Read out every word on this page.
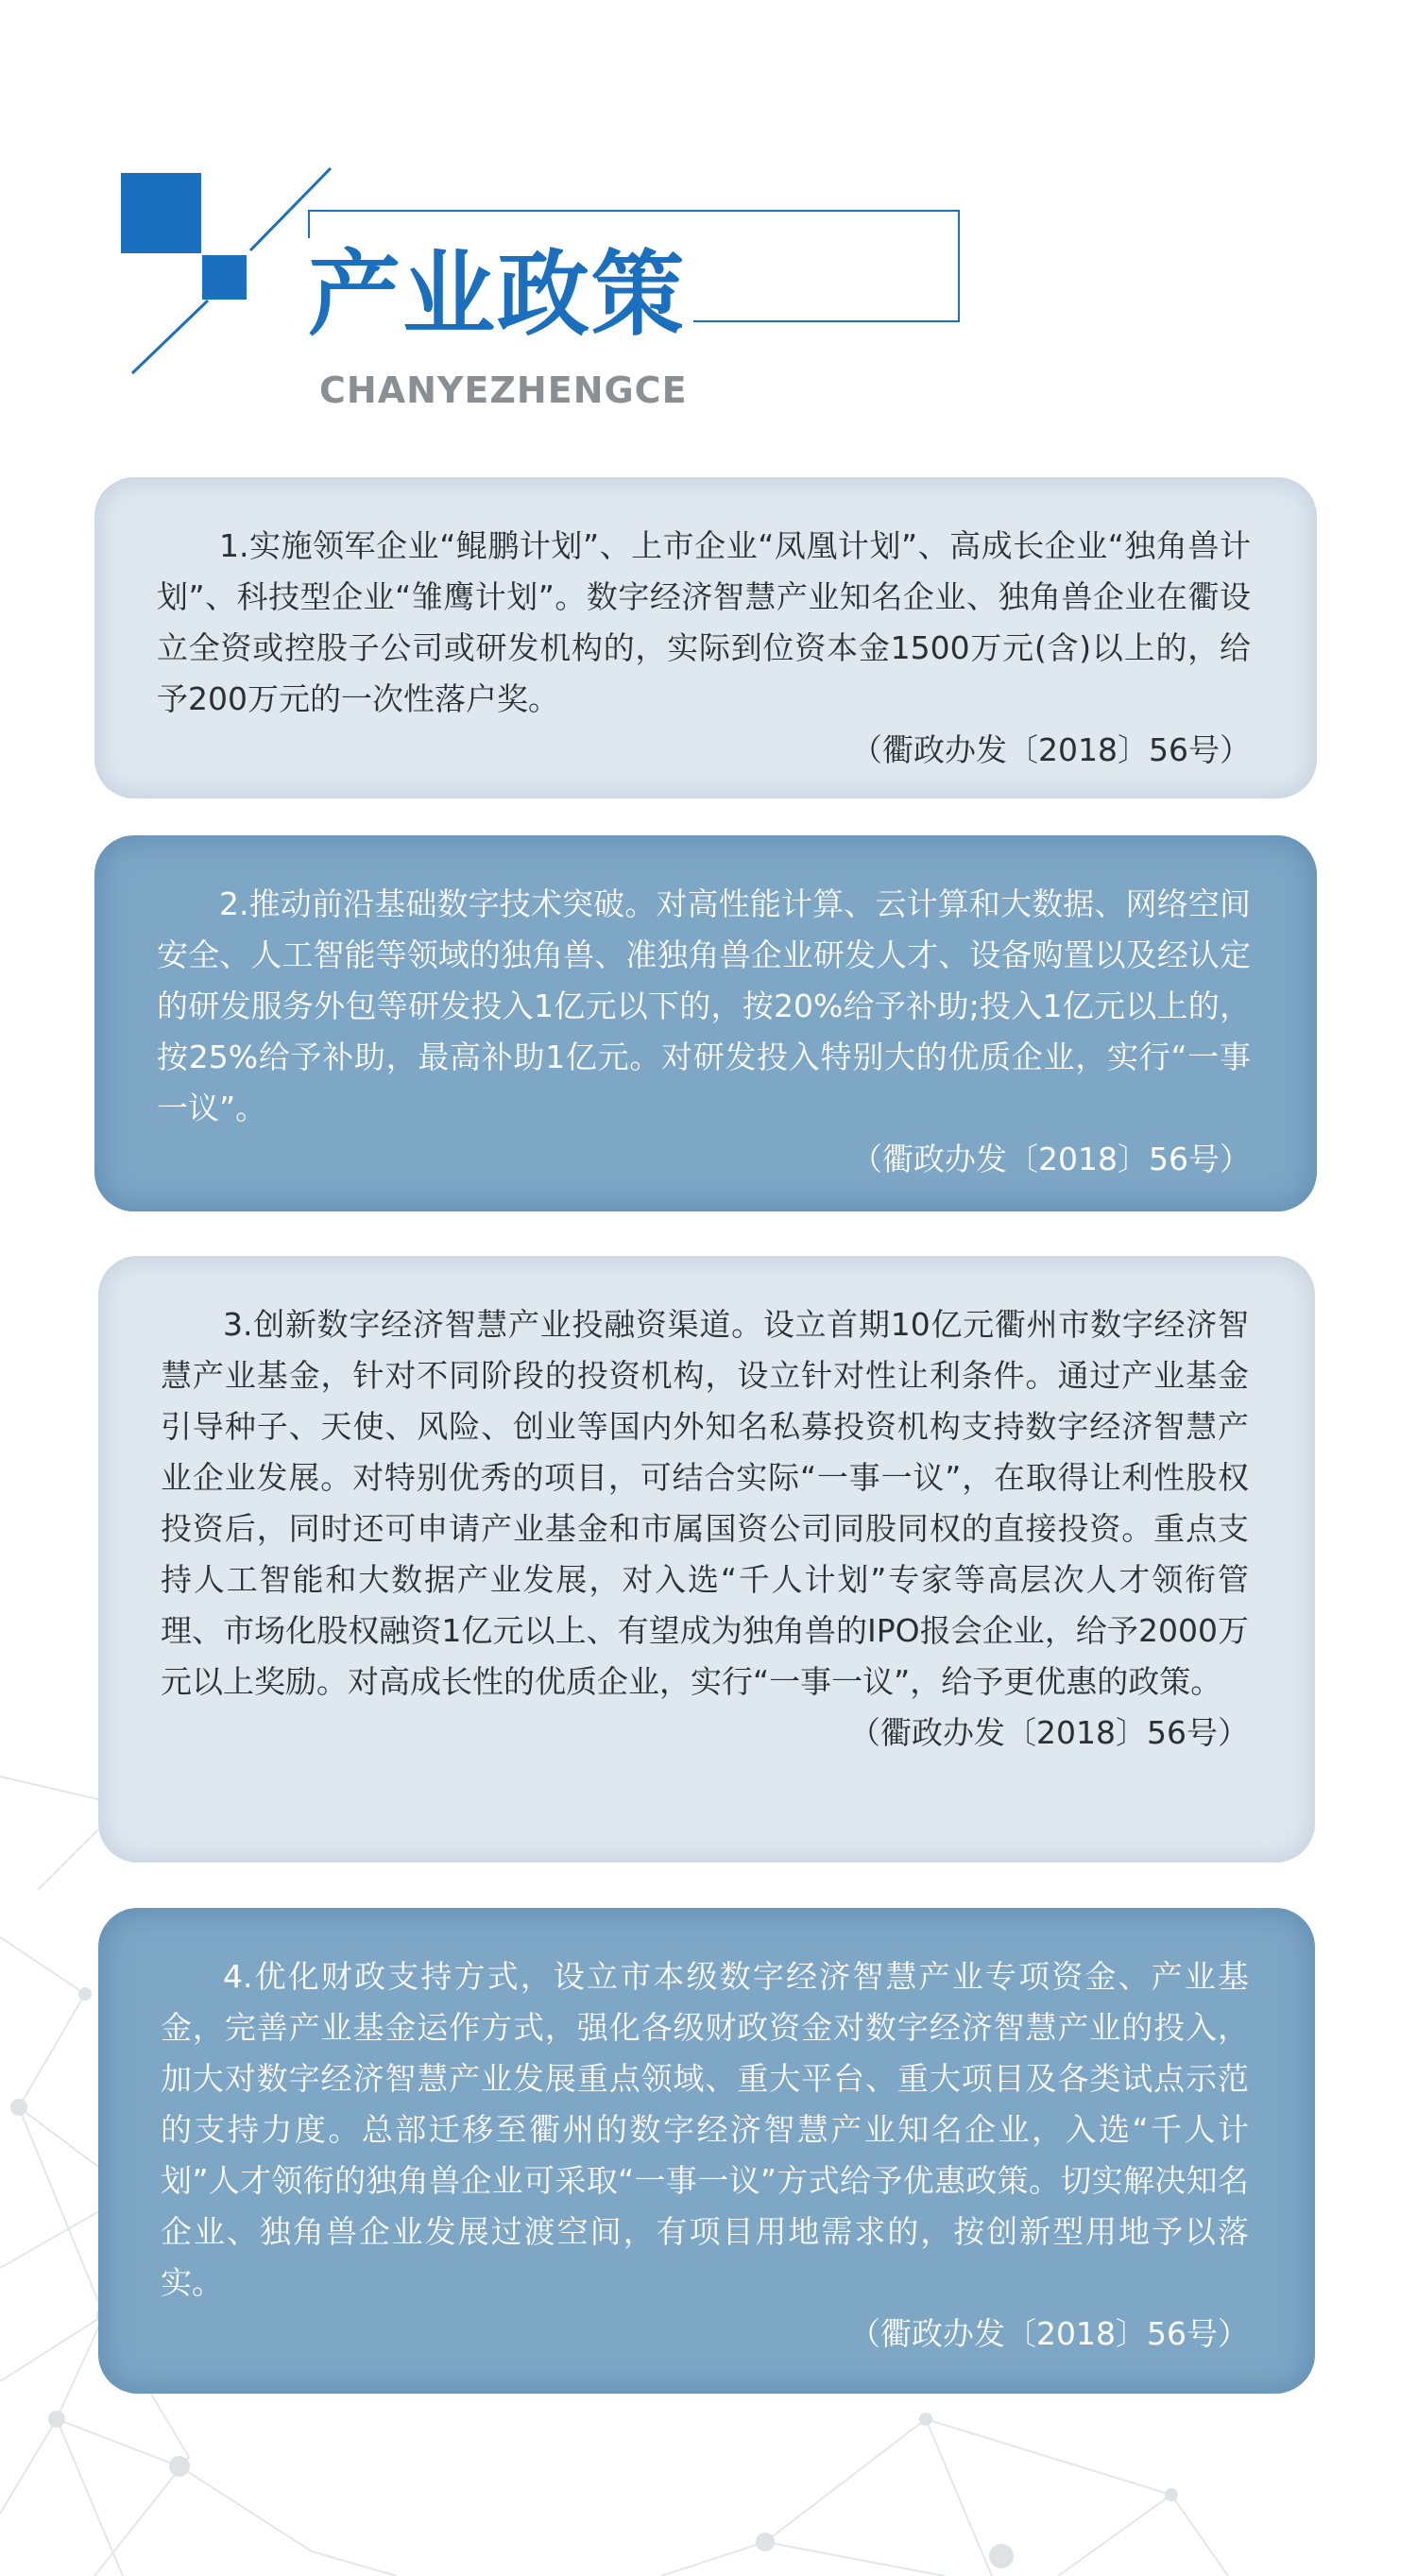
产业政策
CHANYEZHENGCE
1.实施领军企业“鲲鹏计划”、上市企业“凤凰计划”、高成长企业“独角兽计划”、科技型企业“雏鹰计划”。数字经济智慧产业知名企业、独角兽企业在衢设立全资或控股子公司或研发机构的，实际到位资本金1500万元(含)以上的，给予200万元的一次性落户奖。
（衢政办发〔2018〕56号）
2.推动前沿基础数字技术突破。对高性能计算、云计算和大数据、网络空间安全、人工智能等领域的独角兽、准独角兽企业研发人才、设备购置以及经认定的研发服务外包等研发投入1亿元以下的，按20%给予补助;投入1亿元以上的，按25%给予补助，最高补助1亿元。对研发投入特别大的优质企业，实行“一事一议”。
（衢政办发〔2018〕56号）
3.创新数字经济智慧产业投融资渠道。设立首期10亿元衢州市数字经济智慧产业基金，针对不同阶段的投资机构，设立针对性让利条件。通过产业基金引导种子、天使、风险、创业等国内外知名私募投资机构支持数字经济智慧产业企业发展。对特别优秀的项目，可结合实际“一事一议”，在取得让利性股权投资后，同时还可申请产业基金和市属国资公司同股同权的直接投资。重点支持人工智能和大数据产业发展，对入选“千人计划”专家等高层次人才领衔管理、市场化股权融资1亿元以上、有望成为独角兽的IPO报会企业，给予2000万元以上奖励。对高成长性的优质企业，实行“一事一议”，给予更优惠的政策。
（衢政办发〔2018〕56号）
4.优化财政支持方式，设立市本级数字经济智慧产业专项资金、产业基金，完善产业基金运作方式，强化各级财政资金对数字经济智慧产业的投入，加大对数字经济智慧产业发展重点领域、重大平台、重大项目及各类试点示范的支持力度。总部迁移至衢州的数字经济智慧产业知名企业，入选“千人计划”人才领衔的独角兽企业可采取“一事一议”方式给予优惠政策。切实解决知名企业、独角兽企业发展过渡空间，有项目用地需求的，按创新型用地予以落实。
（衢政办发〔2018〕56号）
